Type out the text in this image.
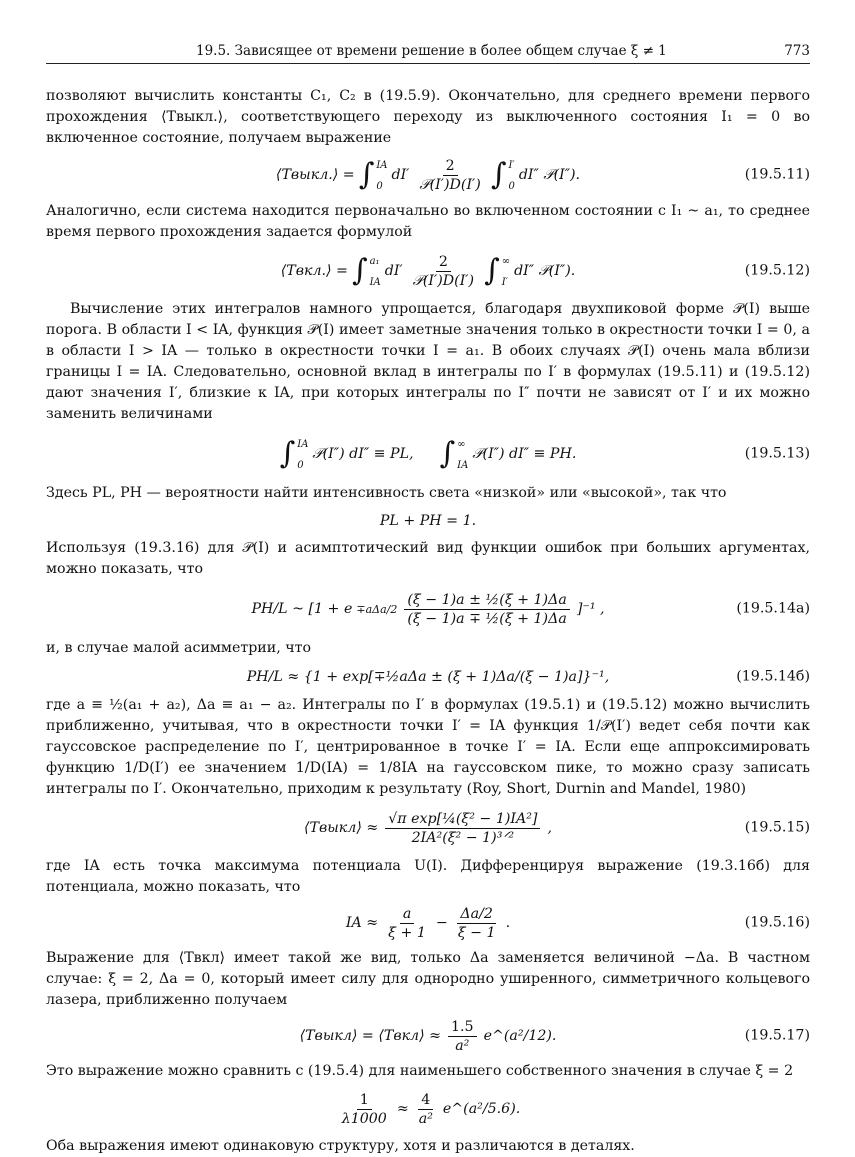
19.5. Зависящее от времени решение в более общем случае ξ ≠ 1	773

позволяют вычислить константы C₁, C₂ в (19.5.9). Окончательно, для среднего времени первого прохождения ⟨Tвыкл.⟩, соответствующего переходу из выключенного состояния I₁ = 0 во включенное состояние, получаем выражение

⟨Tвыкл.⟩ = ∫ IA
0
$dI' \frac{2}{\text{𝒫(I′)D(I′)}}$ ∫ I′
0
dI″ 𝒫(I″).	(19.5.11)

Аналогично, если система находится первоначально во включенном состоянии с I₁ ~ a₁, то среднее время первого прохождения задается формулой

⟨Tвкл.⟩ = ∫ a₁
IA
$dI' \frac{2}{\text{𝒫(I′)D(I′)}}$ ∫ ∞
I′
dI″ 𝒫(I″).	(19.5.12)

Вычисление этих интегралов намного упрощается, благодаря двухпиковой форме 𝒫(I) выше порога. В области I < IA, функция 𝒫(I) имеет заметные значения только в окрестности точки I = 0, а в области I > IA — только в окрестности точки I = a₁. В обоих случаях 𝒫(I) очень мала вблизи границы I = IA. Следовательно, основной вклад в интегралы по I′ в формулах (19.5.11) и (19.5.12) дают значения I′, близкие к IA, при которых интегралы по I″ почти не зависят от I′ и их можно заменить величинами

∫ IA
0
𝒫(I″) dI″ ≡ PL, ∫ ∞
IA
𝒫(I″) dI″ ≡ PH.	(19.5.13)

Здесь PL, PH — вероятности найти интенсивность света «низкой» или «высокой», так что

PL + PH = 1.

Используя (19.3.16) для 𝒫(I) и асимптотический вид функции ошибок при больших аргументах, можно показать, что

PH/L ~ $[1 + e \mp a\Delta a/2 \frac{\text{(ξ − 1)a ± ½(ξ + 1)Δa}}{\text{(ξ − 1)a ∓ ½(ξ + 1)Δa}} ]^{-1}$ ,	(19.5.14а)

и, в случае малой асимметрии, что

PH/L ≈ {1 + exp[∓½aΔa ± (ξ + 1)Δa/(ξ − 1)a]}⁻¹,	(19.5.14б)

где a ≡ ½(a₁ + a₂), Δa ≡ a₁ − a₂. Интегралы по I′ в формулах (19.5.1) и (19.5.12) можно вычислить приближенно, учитывая, что в окрестности точки I′ = IA функция 1/𝒫(I′) ведет себя почти как гауссовское распределение по I′, центрированное в точке I′ = IA. Если еще аппроксимировать функцию 1/D(I′) ее значением 1/D(IA) = 1/8IA на гауссовском пике, то можно сразу записать интегралы по I′. Окончательно, приходим к результату (Roy, Short, Durnin and Mandel, 1980)

⟨Tвыкл⟩ ≈ $\frac{\text{√π exp[¼(ξ² − 1)IA²]}}{\text{2IA²(ξ² − 1)³ᐟ²}}$ ,	(19.5.15)

где IA есть точка максимума потенциала U(I). Дифференцируя выражение (19.3.16б) для потенциала, можно показать, что

IA ≈ $\frac{a}{\xi + 1} - \frac{\Delta a/2}{\xi - 1}$ .	(19.5.16)

Выражение для ⟨Tвкл⟩ имеет такой же вид, только Δa заменяется величиной −Δa. В частном случае: ξ = 2, Δa = 0, который имеет силу для однородно уширенного, симметричного кольцевого лазера, приближенно получаем

⟨Tвыкл⟩ = ⟨Tвкл⟩ ≈ $\frac{1.5}{\text{a²}}$ e^(a²/12).	(19.5.17)

Это выражение можно сравнить с (19.5.4) для наименьшего собственного значения в случае ξ = 2

$\frac{1}{\lambda 1000} \approx \frac{4}{\text{a²}}$ e^(a²/5.6).

Оба выражения имеют одинаковую структуру, хотя и различаются в деталях.
